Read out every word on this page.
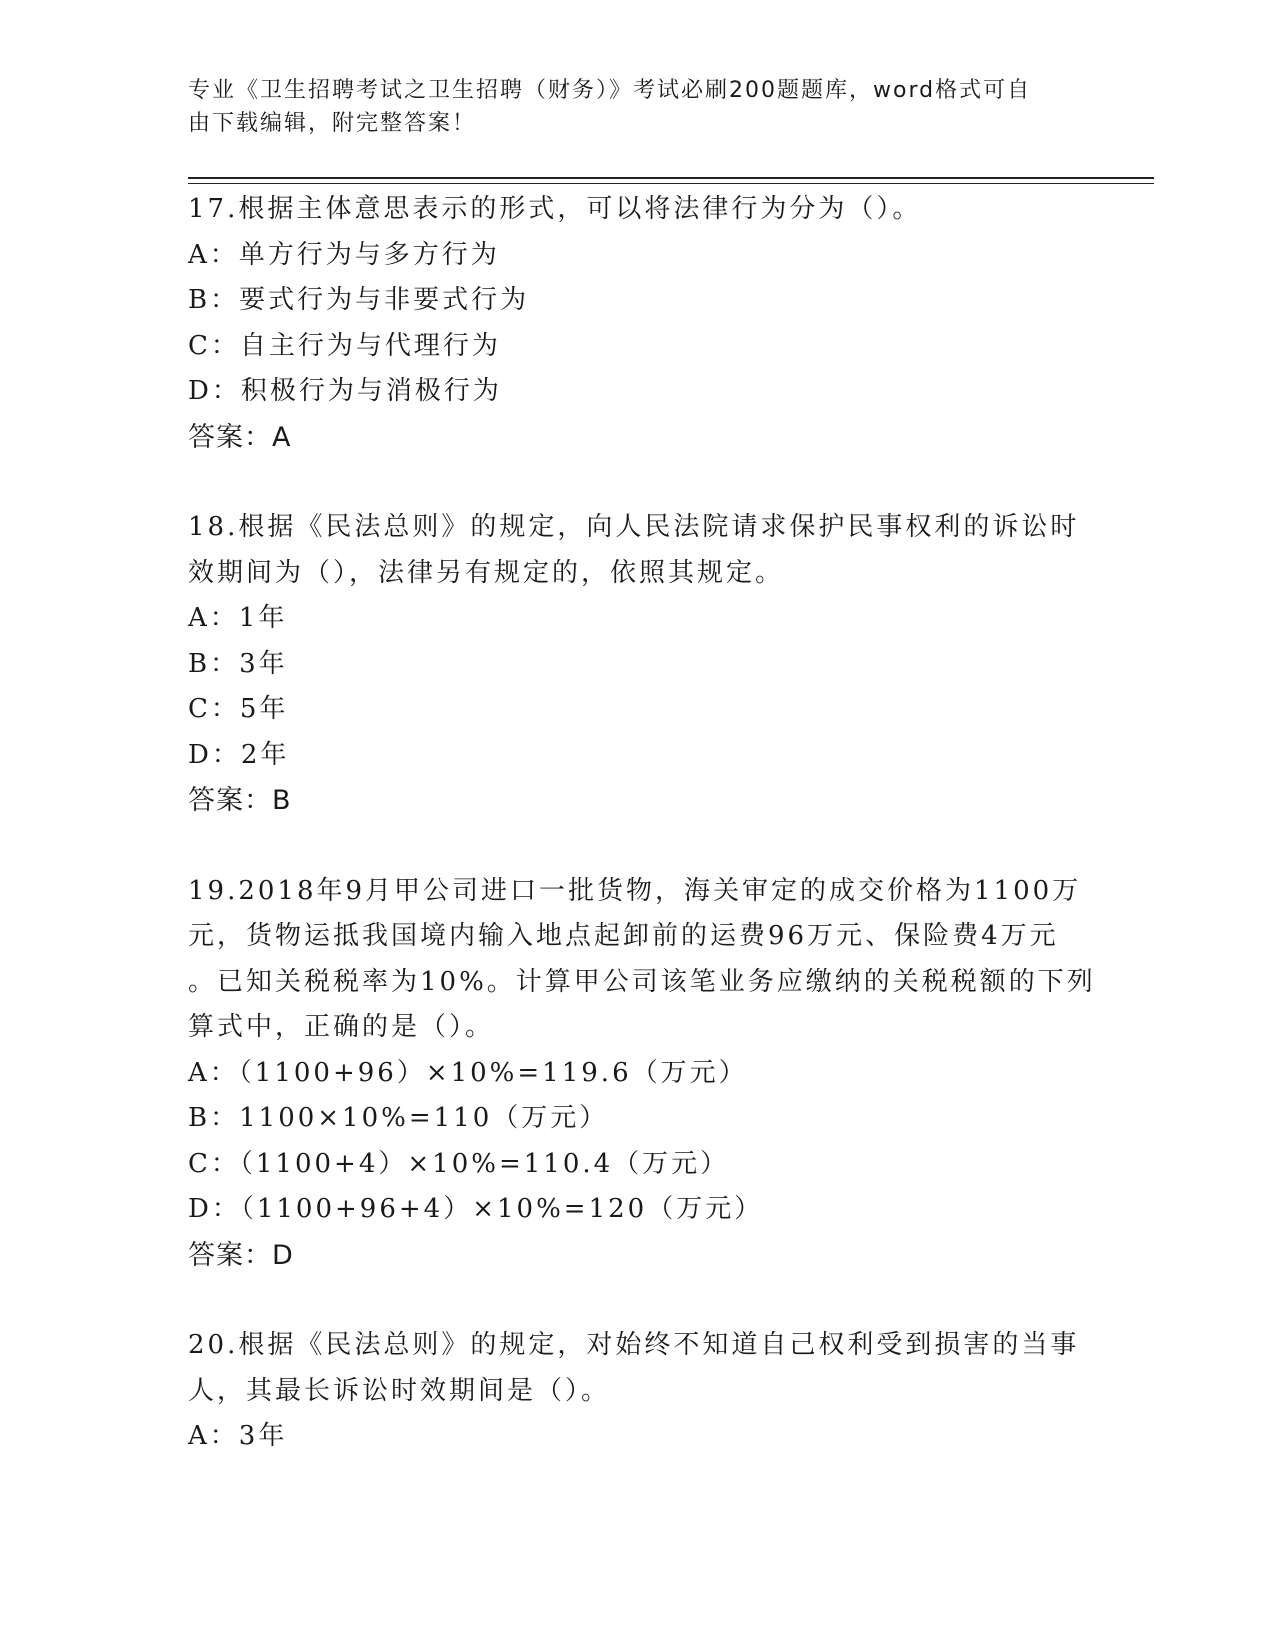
专业《卫生招聘考试之卫生招聘（财务）》考试必刷200题题库，word格式可自
由下载编辑，附完整答案！
17.根据主体意思表示的形式，可以将法律行为分为（）。
A：单方行为与多方行为
B：要式行为与非要式行为
C：自主行为与代理行为
D：积极行为与消极行为
答案：A
18.根据《民法总则》的规定，向人民法院请求保护民事权利的诉讼时
效期间为（），法律另有规定的，依照其规定。
A：1年
B：3年
C：5年
D：2年
答案：B
19.2018年9月甲公司进口一批货物，海关审定的成交价格为1100万
元，货物运抵我国境内输入地点起卸前的运费96万元、保险费4万元
。已知关税税率为10%。计算甲公司该笔业务应缴纳的关税税额的下列
算式中，正确的是（）。
A：（1100+96）×10%=119.6（万元）
B：1100×10%=110（万元）
C：（1100+4）×10%=110.4（万元）
D：（1100+96+4）×10%=120（万元）
答案：D
20.根据《民法总则》的规定，对始终不知道自己权利受到损害的当事
人，其最长诉讼时效期间是（）。
A：3年
